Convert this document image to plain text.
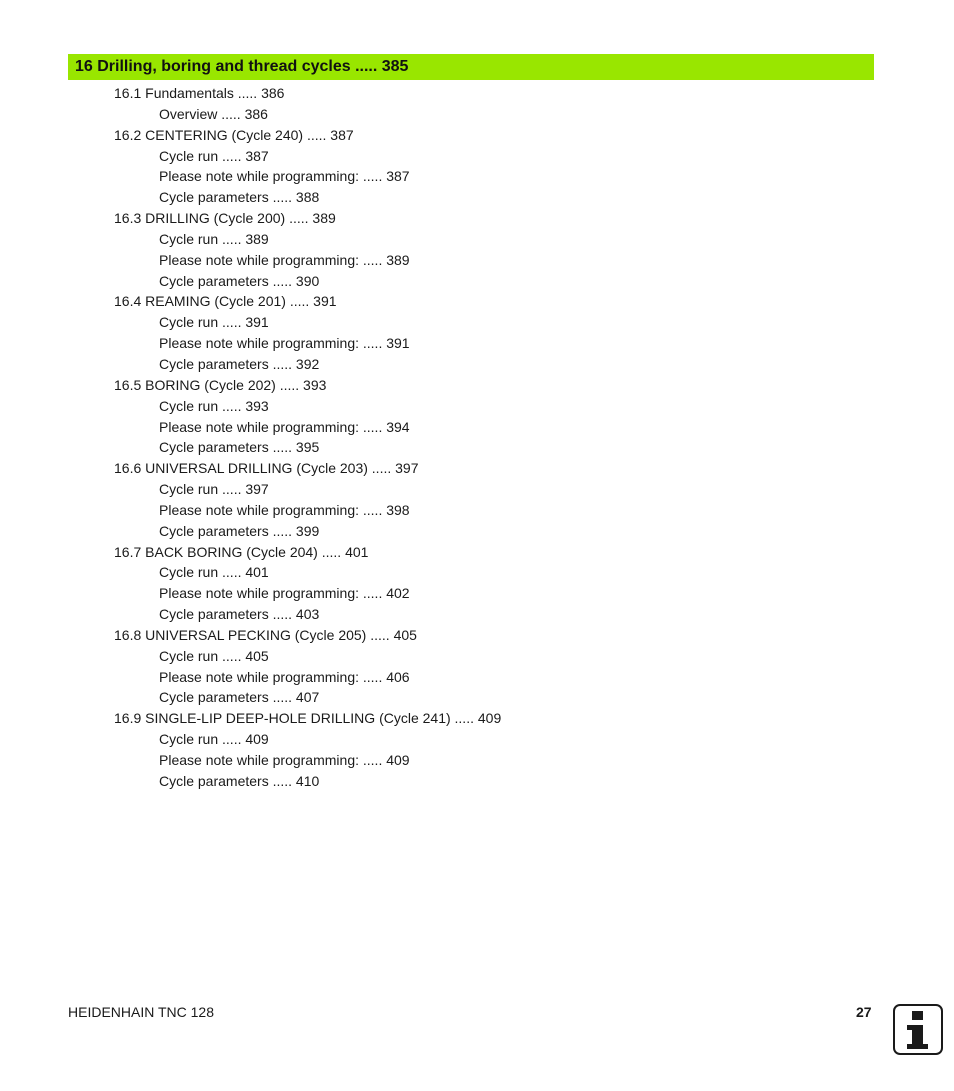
16 Drilling, boring and thread cycles ..... 385
16.1 Fundamentals ..... 386
Overview ..... 386
16.2 CENTERING (Cycle 240) ..... 387
Cycle run ..... 387
Please note while programming: ..... 387
Cycle parameters ..... 388
16.3 DRILLING (Cycle 200) ..... 389
Cycle run ..... 389
Please note while programming: ..... 389
Cycle parameters ..... 390
16.4 REAMING (Cycle 201) ..... 391
Cycle run ..... 391
Please note while programming: ..... 391
Cycle parameters ..... 392
16.5 BORING (Cycle 202) ..... 393
Cycle run ..... 393
Please note while programming: ..... 394
Cycle parameters ..... 395
16.6 UNIVERSAL DRILLING (Cycle 203) ..... 397
Cycle run ..... 397
Please note while programming: ..... 398
Cycle parameters ..... 399
16.7 BACK BORING (Cycle 204) ..... 401
Cycle run ..... 401
Please note while programming: ..... 402
Cycle parameters ..... 403
16.8 UNIVERSAL PECKING (Cycle 205) ..... 405
Cycle run ..... 405
Please note while programming: ..... 406
Cycle parameters ..... 407
16.9 SINGLE-LIP DEEP-HOLE DRILLING (Cycle 241) ..... 409
Cycle run ..... 409
Please note while programming: ..... 409
Cycle parameters ..... 410
HEIDENHAIN TNC 128	27
